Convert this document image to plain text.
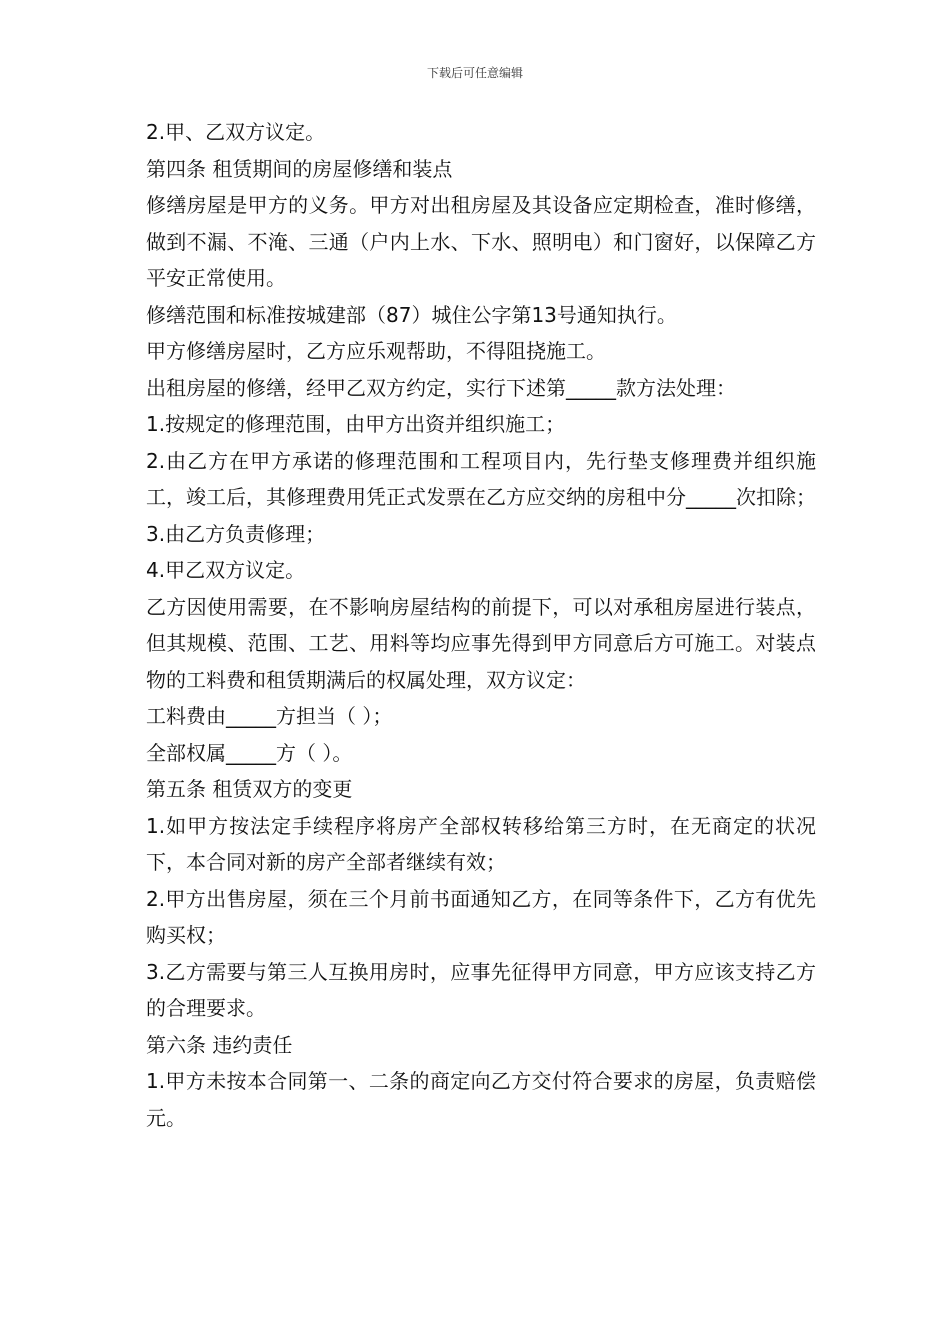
下载后可任意编辑

2.甲、乙双方议定。

第四条 租赁期间的房屋修缮和装点

修缮房屋是甲方的义务。甲方对出租房屋及其设备应定期检查，准时修缮，做到不漏、不淹、三通（户内上水、下水、照明电）和门窗好，以保障乙方平安正常使用。

修缮范围和标准按城建部（87）城住公字第13号通知执行。

甲方修缮房屋时，乙方应乐观帮助，不得阻挠施工。

出租房屋的修缮，经甲乙双方约定，实行下述第_____款方法处理：

1.按规定的修理范围，由甲方出资并组织施工；

2.由乙方在甲方承诺的修理范围和工程项目内，先行垫支修理费并组织施工，竣工后，其修理费用凭正式发票在乙方应交纳的房租中分_____次扣除；

3.由乙方负责修理；

4.甲乙双方议定。

乙方因使用需要，在不影响房屋结构的前提下，可以对承租房屋进行装点，但其规模、范围、工艺、用料等均应事先得到甲方同意后方可施工。对装点物的工料费和租赁期满后的权属处理，双方议定：

工料费由_____方担当（ ）；

全部权属_____方（ ）。

第五条 租赁双方的变更

1.如甲方按法定手续程序将房产全部权转移给第三方时，在无商定的状况下，本合同对新的房产全部者继续有效；

2.甲方出售房屋，须在三个月前书面通知乙方，在同等条件下，乙方有优先购买权；

3.乙方需要与第三人互换用房时，应事先征得甲方同意，甲方应该支持乙方的合理要求。

第六条 违约责任

1.甲方未按本合同第一、二条的商定向乙方交付符合要求的房屋，负责赔偿元。
